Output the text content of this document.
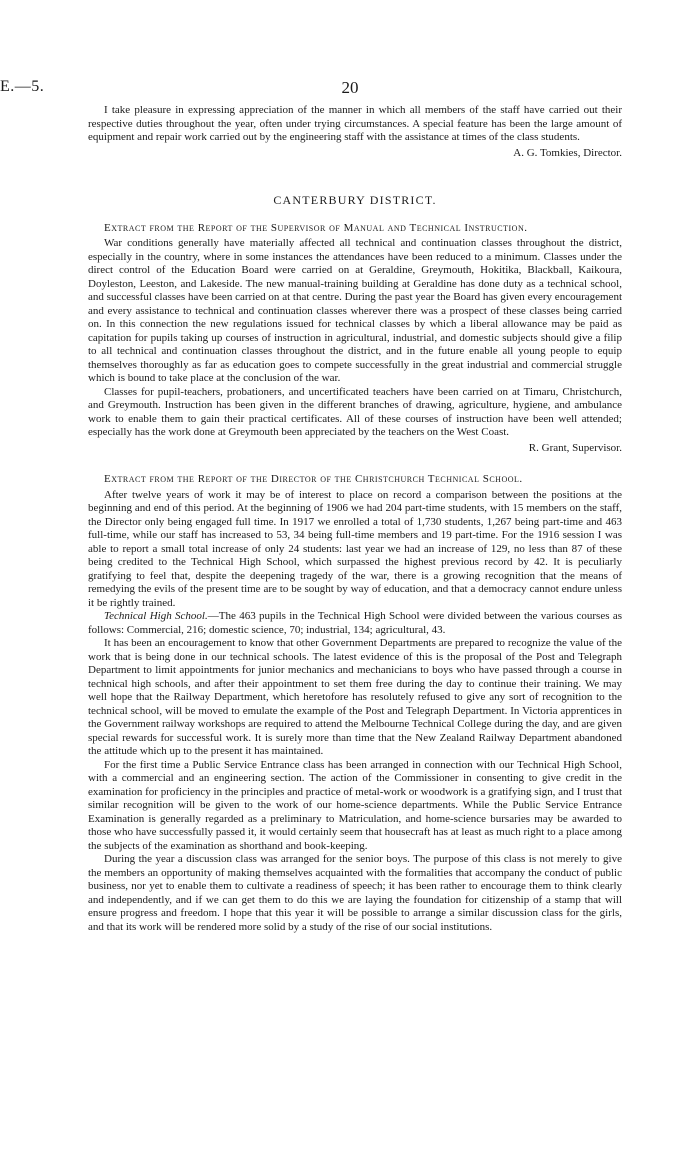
E.—5.	20

I take pleasure in expressing appreciation of the manner in which all members of the staff have carried out their respective duties throughout the year, often under trying circumstances. A special feature has been the large amount of equipment and repair work carried out by the engineering staff with the assistance at times of the class students.

A. G. Tomkies, Director.
CANTERBURY DISTRICT.
Extract from the Report of the Supervisor of Manual and Technical Instruction.

War conditions generally have materially affected all technical and continuation classes throughout the district, especially in the country, where in some instances the attendances have been reduced to a minimum. Classes under the direct control of the Education Board were carried on at Geraldine, Greymouth, Hokitika, Blackball, Kaikoura, Doyleston, Leeston, and Lakeside. The new manual-training building at Geraldine has done duty as a technical school, and successful classes have been carried on at that centre. During the past year the Board has given every encouragement and every assistance to technical and continuation classes wherever there was a prospect of these classes being carried on. In this connection the new regulations issued for technical classes by which a liberal allowance may be paid as capitation for pupils taking up courses of instruction in agricultural, industrial, and domestic subjects should give a filip to all technical and continuation classes throughout the district, and in the future enable all young people to equip themselves thoroughly as far as education goes to compete successfully in the great industrial and commercial struggle which is bound to take place at the conclusion of the war.

Classes for pupil-teachers, probationers, and uncertificated teachers have been carried on at Timaru, Christchurch, and Greymouth. Instruction has been given in the different branches of drawing, agriculture, hygiene, and ambulance work to enable them to gain their practical certificates. All of these courses of instruction have been well attended; especially has the work done at Greymouth been appreciated by the teachers on the West Coast.

R. Grant, Supervisor.
Extract from the Report of the Director of the Christchurch Technical School.

After twelve years of work it may be of interest to place on record a comparison between the positions at the beginning and end of this period. At the beginning of 1906 we had 204 part-time students, with 15 members on the staff, the Director only being engaged full time. In 1917 we enrolled a total of 1,730 students, 1,267 being part-time and 463 full-time, while our staff has increased to 53, 34 being full-time members and 19 part-time. For the 1916 session I was able to report a small total increase of only 24 students: last year we had an increase of 129, no less than 87 of these being credited to the Technical High School, which surpassed the highest previous record by 42. It is peculiarly gratifying to feel that, despite the deepening tragedy of the war, there is a growing recognition that the means of remedying the evils of the present time are to be sought by way of education, and that a democracy cannot endure unless it be rightly trained.

Technical High School.—The 463 pupils in the Technical High School were divided between the various courses as follows: Commercial, 216; domestic science, 70; industrial, 134; agricultural, 43.

It has been an encouragement to know that other Government Departments are prepared to recognize the value of the work that is being done in our technical schools. The latest evidence of this is the proposal of the Post and Telegraph Department to limit appointments for junior mechanics and mechanicians to boys who have passed through a course in technical high schools, and after their appointment to set them free during the day to continue their training. We may well hope that the Railway Department, which heretofore has resolutely refused to give any sort of recognition to the technical school, will be moved to emulate the example of the Post and Telegraph Department. In Victoria apprentices in the Government railway workshops are required to attend the Melbourne Technical College during the day, and are given special rewards for successful work. It is surely more than time that the New Zealand Railway Department abandoned the attitude which up to the present it has maintained.

For the first time a Public Service Entrance class has been arranged in connection with our Technical High School, with a commercial and an engineering section. The action of the Commissioner in consenting to give credit in the examination for proficiency in the principles and practice of metal-work or woodwork is a gratifying sign, and I trust that similar recognition will be given to the work of our home-science departments. While the Public Service Entrance Examination is generally regarded as a preliminary to Matriculation, and home-science bursaries may be awarded to those who have successfully passed it, it would certainly seem that housecraft has at least as much right to a place among the subjects of the examination as shorthand and book-keeping.

During the year a discussion class was arranged for the senior boys. The purpose of this class is not merely to give the members an opportunity of making themselves acquainted with the formalities that accompany the conduct of public business, nor yet to enable them to cultivate a readiness of speech; it has been rather to encourage them to think clearly and independently, and if we can get them to do this we are laying the foundation for citizenship of a stamp that will ensure progress and freedom. I hope that this year it will be possible to arrange a similar discussion class for the girls, and that its work will be rendered more solid by a study of the rise of our social institutions.
